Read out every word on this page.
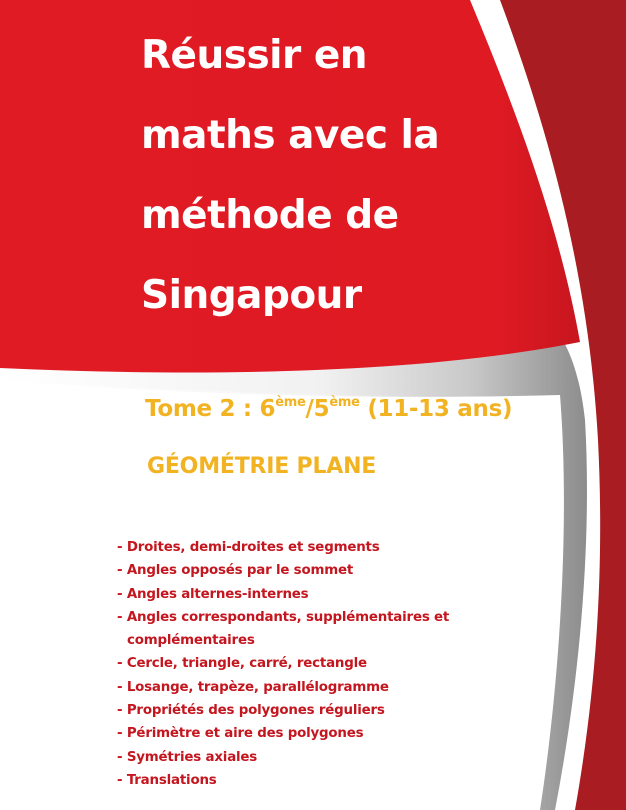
Réussir en
maths avec la
méthode de
Singapour
Tome 2 : 6ème/5ème (11-13 ans)
GÉOMÉTRIE PLANE
- Droites, demi-droites et segments
- Angles opposés par le sommet
- Angles alternes-internes
- Angles correspondants, supplémentaires et complémentaires
- Cercle, triangle, carré, rectangle
- Losange, trapèze, parallélogramme
- Propriétés des polygones réguliers
- Périmètre et aire des polygones
- Symétries axiales
- Translations
